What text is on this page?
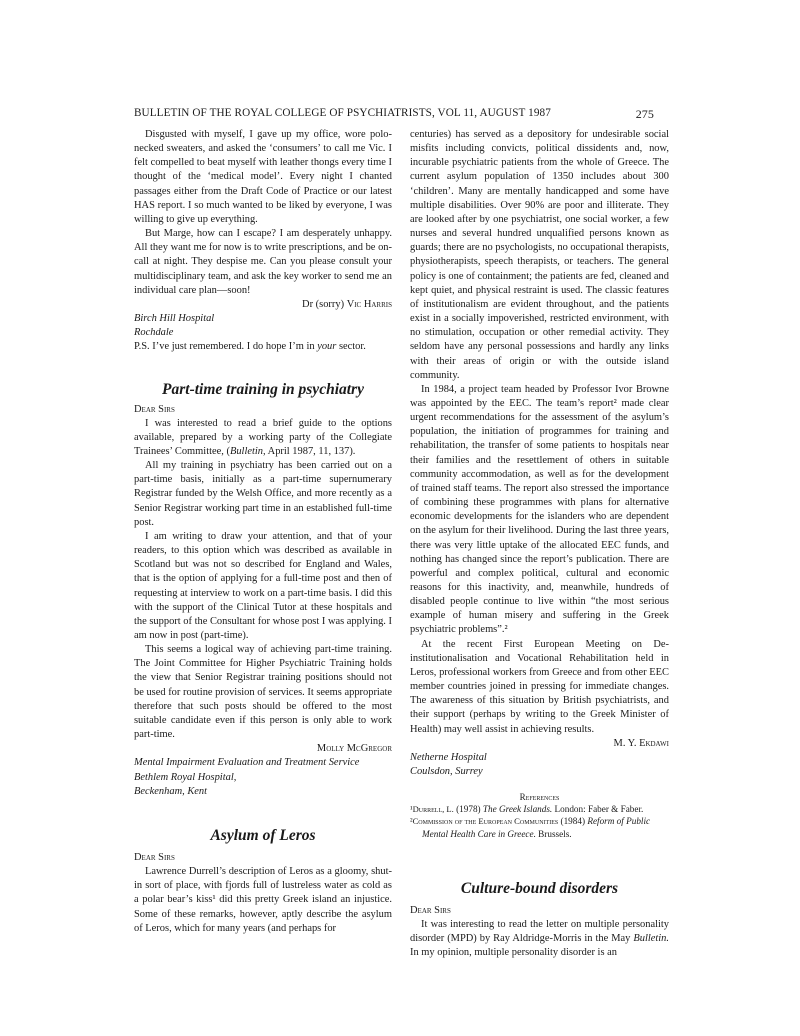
BULLETIN OF THE ROYAL COLLEGE OF PSYCHIATRISTS, VOL 11, AUGUST 1987	275

Disgusted with myself, I gave up my office, wore polo-necked sweaters, and asked the ‘consumers’ to call me Vic. I felt compelled to beat myself with leather thongs every time I thought of the ‘medical model’. Every night I chanted passages either from the Draft Code of Practice or our latest HAS report. I so much wanted to be liked by everyone, I was willing to give up everything.

But Marge, how can I escape? I am desperately unhappy. All they want me for now is to write prescriptions, and be on-call at night. They despise me. Can you please consult your multidisciplinary team, and ask the key worker to send me an individual care plan—soon!

Dr (sorry) Vic Harris

Birch Hill Hospital

Rochdale

P.S. I’ve just remembered. I do hope I’m in your sector.

Part-time training in psychiatry

Dear Sirs

I was interested to read a brief guide to the options available, prepared by a working party of the Collegiate Trainees’ Committee, (Bulletin, April 1987, 11, 137).

All my training in psychiatry has been carried out on a part-time basis, initially as a part-time supernumerary Registrar funded by the Welsh Office, and more recently as a Senior Registrar working part time in an established full-time post.

I am writing to draw your attention, and that of your readers, to this option which was described as available in Scotland but was not so described for England and Wales, that is the option of applying for a full-time post and then of requesting at interview to work on a part-time basis. I did this with the support of the Clinical Tutor at these hospitals and the support of the Consultant for whose post I was applying. I am now in post (part-time).

This seems a logical way of achieving part-time training. The Joint Committee for Higher Psychiatric Training holds the view that Senior Registrar training positions should not be used for routine provision of services. It seems appropriate therefore that such posts should be offered to the most suitable candidate even if this person is only able to work part-time.

Molly McGregor

Mental Impairment Evaluation and Treatment Service

Bethlem Royal Hospital,

Beckenham, Kent

Asylum of Leros

Dear Sirs

Lawrence Durrell’s description of Leros as a gloomy, shut-in sort of place, with fjords full of lustreless water as cold as a polar bear’s kiss¹ did this pretty Greek island an injustice. Some of these remarks, however, aptly describe the asylum of Leros, which for many years (and perhaps for

centuries) has served as a depository for undesirable social misfits including convicts, political dissidents and, now, incurable psychiatric patients from the whole of Greece. The current asylum population of 1350 includes about 300 ‘children’. Many are mentally handicapped and some have multiple disabilities. Over 90% are poor and illiterate. They are looked after by one psychiatrist, one social worker, a few nurses and several hundred unqualified persons known as guards; there are no psychologists, no occupational therapists, physiotherapists, speech therapists, or teachers. The general policy is one of containment; the patients are fed, cleaned and kept quiet, and physical restraint is used. The classic features of institutionalism are evident throughout, and the patients exist in a socially impoverished, restricted environment, with no stimulation, occupation or other remedial activity. They seldom have any personal possessions and hardly any links with their areas of origin or with the outside island community.

In 1984, a project team headed by Professor Ivor Browne was appointed by the EEC. The team’s report² made clear urgent recommendations for the assessment of the asylum’s population, the initiation of programmes for training and rehabilitation, the transfer of some patients to hospitals near their families and the resettlement of others in suitable community accommodation, as well as for the development of trained staff teams. The report also stressed the importance of combining these programmes with plans for alternative economic developments for the islanders who are dependent on the asylum for their livelihood. During the last three years, there was very little uptake of the allocated EEC funds, and nothing has changed since the report’s publication. There are powerful and complex political, cultural and economic reasons for this inactivity, and, meanwhile, hundreds of disabled people continue to live within “the most serious example of human misery and suffering in the Greek psychiatric problems”.²

At the recent First European Meeting on De-institutionalisation and Vocational Rehabilitation held in Leros, professional workers from Greece and from other EEC member countries joined in pressing for immediate changes. The awareness of this situation by British psychiatrists, and their support (perhaps by writing to the Greek Minister of Health) may well assist in achieving results.

M. Y. Ekdawi

Netherne Hospital

Coulsdon, Surrey

References

¹Durrell, L. (1978) The Greek Islands. London: Faber & Faber.

²Commission of the European Communities (1984) Reform of Public Mental Health Care in Greece. Brussels.

Culture-bound disorders

Dear Sirs

It was interesting to read the letter on multiple personality disorder (MPD) by Ray Aldridge-Morris in the May Bulletin. In my opinion, multiple personality disorder is an
